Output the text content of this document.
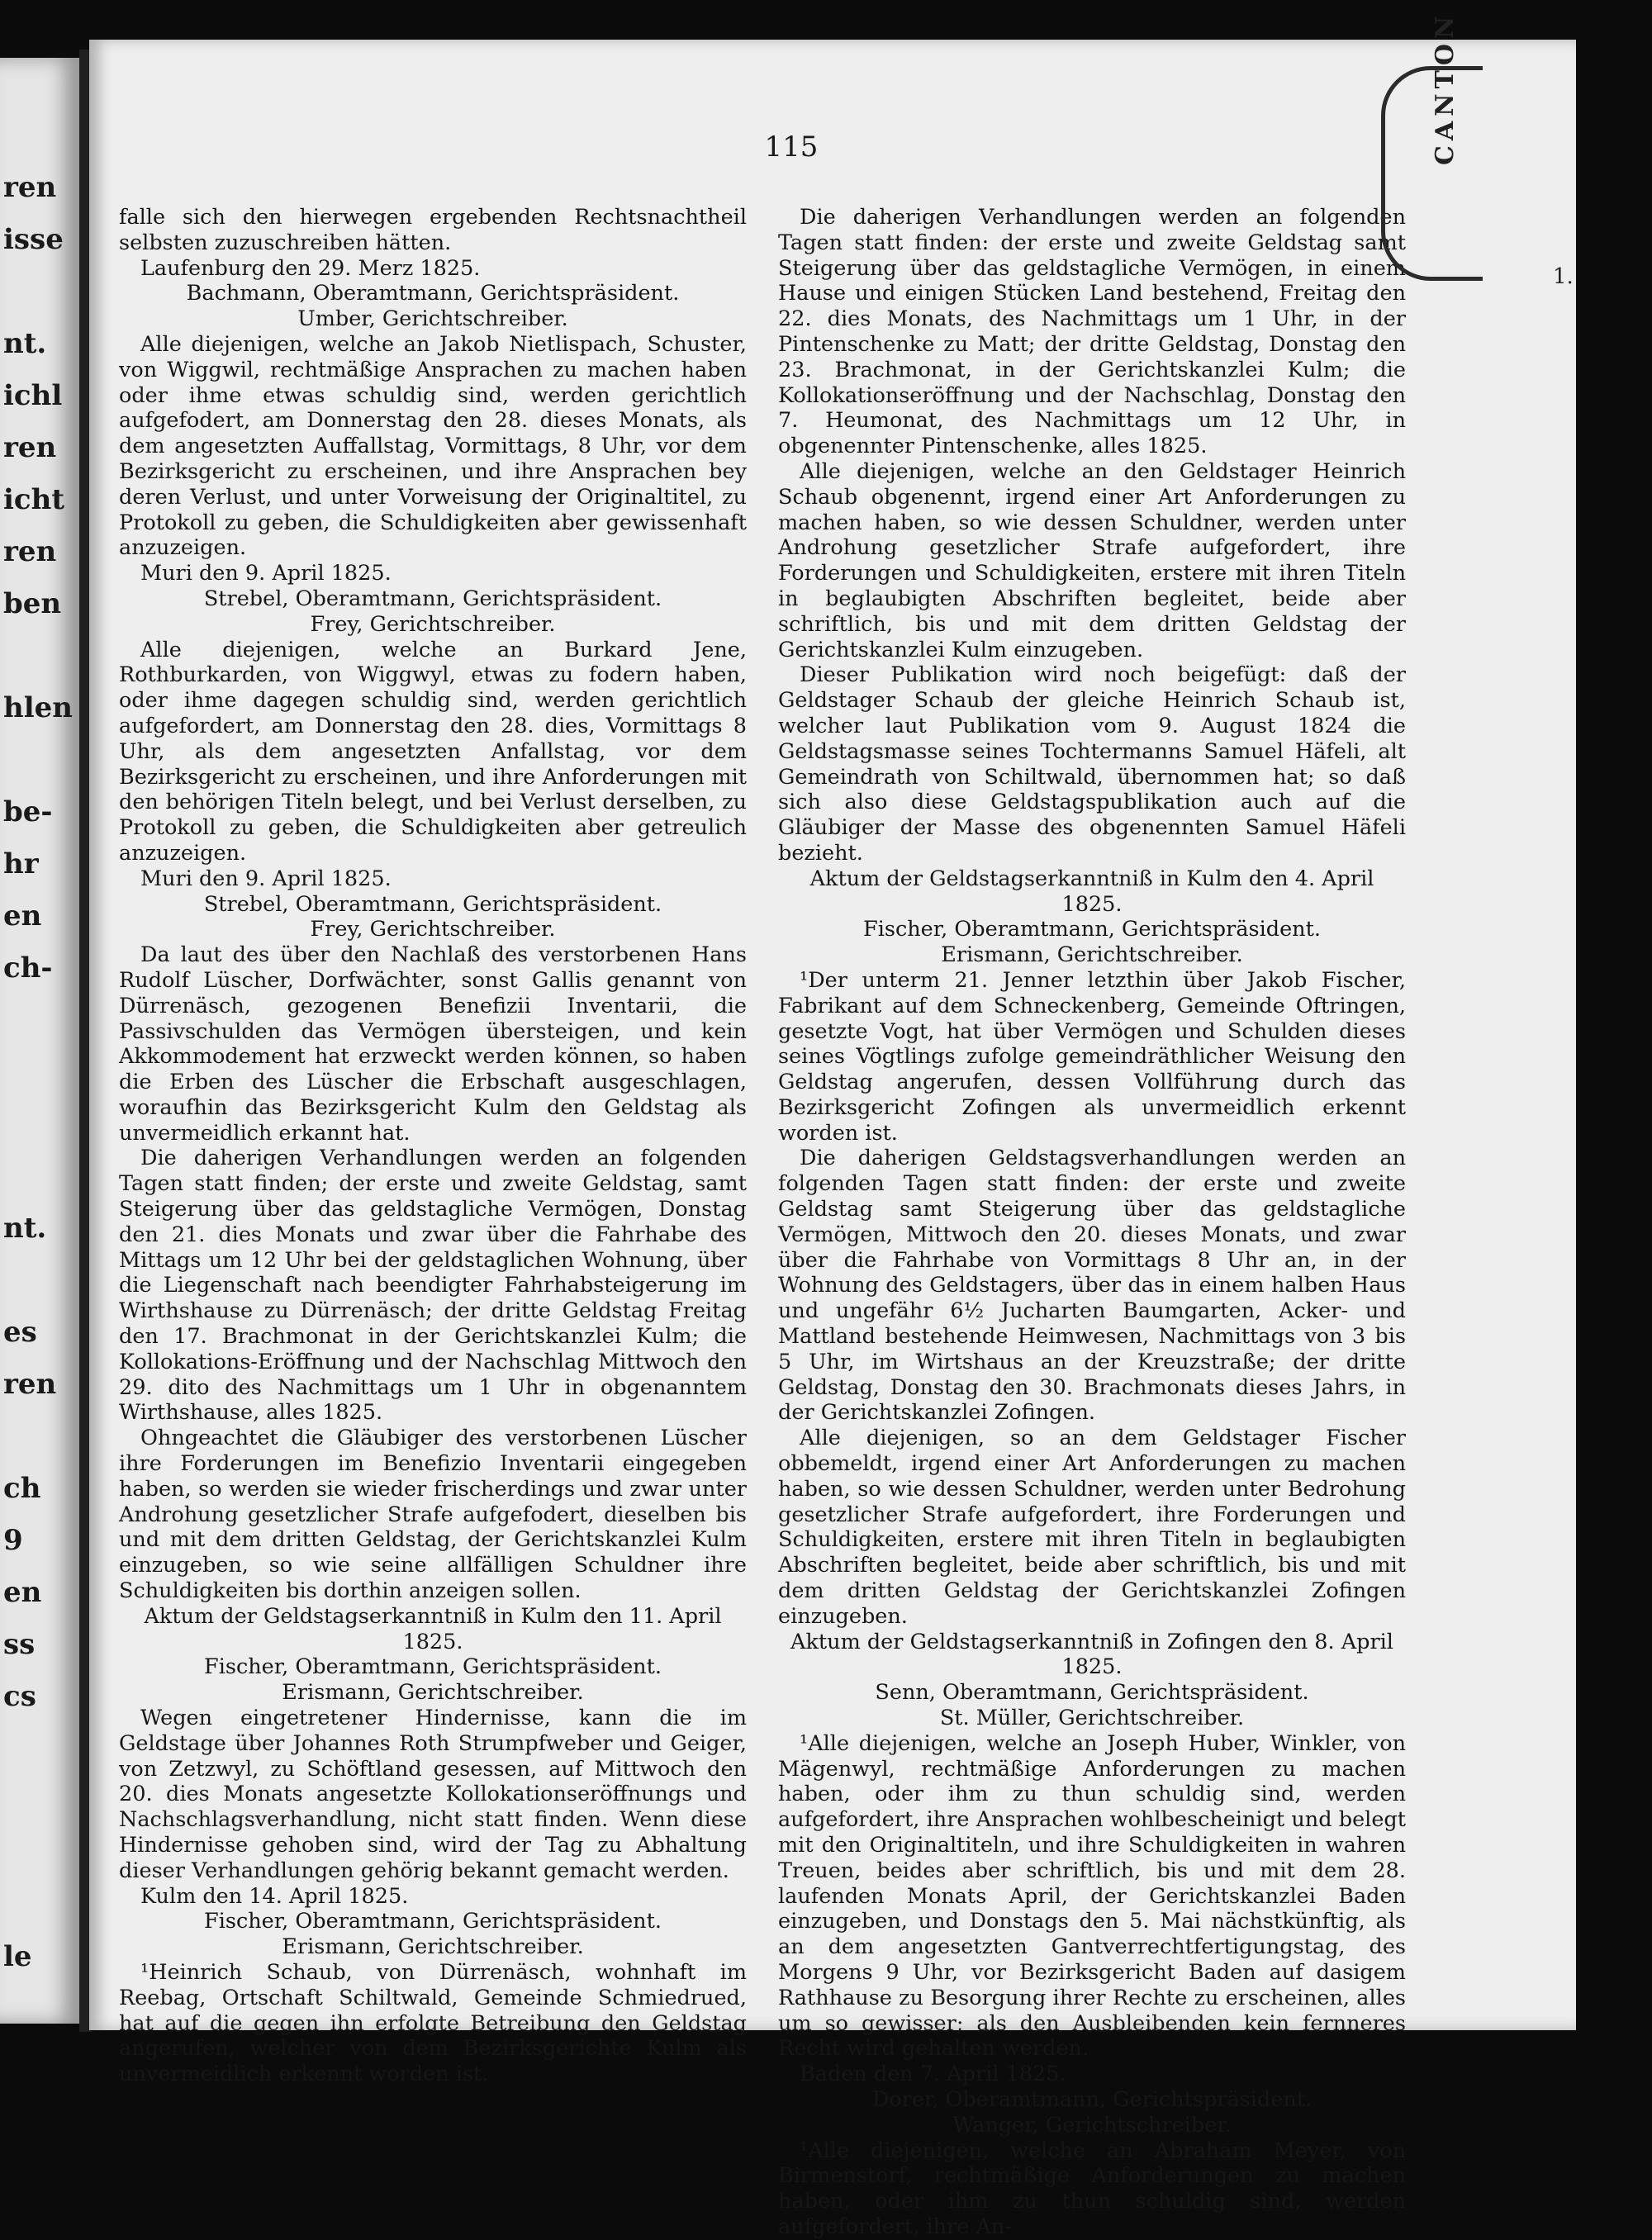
ren
isse
nt.
ichl
ren
icht
ren
ben
hlen
be-
hr
en
ch-
nt.
es
ren
ch
9
en
ss
cs
le
115

falle sich den hierwegen ergebenden Rechtsnachtheil selbsten zuzuschreiben hätten.

Laufenburg den 29. Merz 1825.

Bachmann, Oberamtmann, Gerichtspräsident.

Umber, Gerichtschreiber.

Alle diejenigen, welche an Jakob Nietlispach, Schuster, von Wiggwil, rechtmäßige Ansprachen zu machen haben oder ihme etwas schuldig sind, werden gerichtlich aufgefodert, am Donnerstag den 28. dieses Monats, als dem angesetzten Auffallstag, Vormittags, 8 Uhr, vor dem Bezirksgericht zu erscheinen, und ihre Ansprachen bey deren Verlust, und unter Vorweisung der Originaltitel, zu Protokoll zu geben, die Schuldigkeiten aber gewissenhaft anzuzeigen.

Muri den 9. April 1825.

Strebel, Oberamtmann, Gerichtspräsident.

Frey, Gerichtschreiber.

Alle diejenigen, welche an Burkard Jene, Rothburkarden, von Wiggwyl, etwas zu fodern haben, oder ihme dagegen schuldig sind, werden gerichtlich aufgefordert, am Donnerstag den 28. dies, Vormittags 8 Uhr, als dem angesetzten Anfallstag, vor dem Bezirksgericht zu erscheinen, und ihre Anforderungen mit den behörigen Titeln belegt, und bei Verlust derselben, zu Protokoll zu geben, die Schuldigkeiten aber getreulich anzuzeigen.

Muri den 9. April 1825.

Strebel, Oberamtmann, Gerichtspräsident.

Frey, Gerichtschreiber.

Da laut des über den Nachlaß des verstorbenen Hans Rudolf Lüscher, Dorfwächter, sonst Gallis genannt von Dürrenäsch, gezogenen Benefizii Inventarii, die Passivschulden das Vermögen übersteigen, und kein Akkommodement hat erzweckt werden können, so haben die Erben des Lüscher die Erbschaft ausgeschlagen, woraufhin das Bezirksgericht Kulm den Geldstag als unvermeidlich erkannt hat.

Die daherigen Verhandlungen werden an folgenden Tagen statt finden; der erste und zweite Geldstag, samt Steigerung über das geldstagliche Vermögen, Donstag den 21. dies Monats und zwar über die Fahrhabe des Mittags um 12 Uhr bei der geldstaglichen Wohnung, über die Liegenschaft nach beendigter Fahrhabsteigerung im Wirthshause zu Dürrenäsch; der dritte Geldstag Freitag den 17. Brachmonat in der Gerichtskanzlei Kulm; die Kollokations-Eröffnung und der Nachschlag Mittwoch den 29. dito des Nachmittags um 1 Uhr in obgenanntem Wirthshause, alles 1825.

Ohngeachtet die Gläubiger des verstorbenen Lüscher ihre Forderungen im Benefizio Inventarii eingegeben haben, so werden sie wieder frischerdings und zwar unter Androhung gesetzlicher Strafe aufgefodert, dieselben bis und mit dem dritten Geldstag, der Gerichtskanzlei Kulm einzugeben, so wie seine allfälligen Schuldner ihre Schuldigkeiten bis dorthin anzeigen sollen.

Aktum der Geldstagserkanntniß in Kulm den 11. April 1825.

Fischer, Oberamtmann, Gerichtspräsident.

Erismann, Gerichtschreiber.

Wegen eingetretener Hindernisse, kann die im Geldstage über Johannes Roth Strumpfweber und Geiger, von Zetzwyl, zu Schöftland gesessen, auf Mittwoch den 20. dies Monats angesetzte Kollokationseröffnungs und Nachschlagsverhandlung, nicht statt finden. Wenn diese Hindernisse gehoben sind, wird der Tag zu Abhaltung dieser Verhandlungen gehörig bekannt gemacht werden.

Kulm den 14. April 1825.

Fischer, Oberamtmann, Gerichtspräsident.

Erismann, Gerichtschreiber.

¹Heinrich Schaub, von Dürrenäsch, wohnhaft im Reebag, Ortschaft Schiltwald, Gemeinde Schmiedrued, hat auf die gegen ihn erfolgte Betreibung den Geldstag angerufen, welcher von dem Bezirksgerichte Kulm als unvermeidlich erkennt worden ist.

Die daherigen Verhandlungen werden an folgenden Tagen statt finden: der erste und zweite Geldstag samt Steigerung über das geldstagliche Vermögen, in einem Hause und einigen Stücken Land bestehend, Freitag den 22. dies Monats, des Nachmittags um 1 Uhr, in der Pintenschenke zu Matt; der dritte Geldstag, Donstag den 23. Brachmonat, in der Gerichtskanzlei Kulm; die Kollokationseröffnung und der Nachschlag, Donstag den 7. Heumonat, des Nachmittags um 12 Uhr, in obgenennter Pintenschenke, alles 1825.

Alle diejenigen, welche an den Geldstager Heinrich Schaub obgenennt, irgend einer Art Anforderungen zu machen haben, so wie dessen Schuldner, werden unter Androhung gesetzlicher Strafe aufgefordert, ihre Forderungen und Schuldigkeiten, erstere mit ihren Titeln in beglaubigten Abschriften begleitet, beide aber schriftlich, bis und mit dem dritten Geldstag der Gerichtskanzlei Kulm einzugeben.

Dieser Publikation wird noch beigefügt: daß der Geldstager Schaub der gleiche Heinrich Schaub ist, welcher laut Publikation vom 9. August 1824 die Geldstagsmasse seines Tochtermanns Samuel Häfeli, alt Gemeindrath von Schiltwald, übernommen hat; so daß sich also diese Geldstagspublikation auch auf die Gläubiger der Masse des obgenennten Samuel Häfeli bezieht.

Aktum der Geldstagserkanntniß in Kulm den 4. April 1825.

Fischer, Oberamtmann, Gerichtspräsident.

Erismann, Gerichtschreiber.

¹Der unterm 21. Jenner letzthin über Jakob Fischer, Fabrikant auf dem Schneckenberg, Gemeinde Oftringen, gesetzte Vogt, hat über Vermögen und Schulden dieses seines Vögtlings zufolge gemeindräthlicher Weisung den Geldstag angerufen, dessen Vollführung durch das Bezirksgericht Zofingen als unvermeidlich erkennt worden ist.

Die daherigen Geldstagsverhandlungen werden an folgenden Tagen statt finden: der erste und zweite Geldstag samt Steigerung über das geldstagliche Vermögen, Mittwoch den 20. dieses Monats, und zwar über die Fahrhabe von Vormittags 8 Uhr an, in der Wohnung des Geldstagers, über das in einem halben Haus und ungefähr 6½ Jucharten Baumgarten, Acker- und Mattland bestehende Heimwesen, Nachmittags von 3 bis 5 Uhr, im Wirtshaus an der Kreuzstraße; der dritte Geldstag, Donstag den 30. Brachmonats dieses Jahrs, in der Gerichtskanzlei Zofingen.

Alle diejenigen, so an dem Geldstager Fischer obbemeldt, irgend einer Art Anforderungen zu machen haben, so wie dessen Schuldner, werden unter Bedrohung gesetzlicher Strafe aufgefordert, ihre Forderungen und Schuldigkeiten, erstere mit ihren Titeln in beglaubigten Abschriften begleitet, beide aber schriftlich, bis und mit dem dritten Geldstag der Gerichtskanzlei Zofingen einzugeben.

Aktum der Geldstagserkanntniß in Zofingen den 8. April 1825.

Senn, Oberamtmann, Gerichtspräsident.

St. Müller, Gerichtschreiber.

¹Alle diejenigen, welche an Joseph Huber, Winkler, von Mägenwyl, rechtmäßige Anforderungen zu machen haben, oder ihm zu thun schuldig sind, werden aufgefordert, ihre Ansprachen wohlbescheinigt und belegt mit den Originaltiteln, und ihre Schuldigkeiten in wahren Treuen, beides aber schriftlich, bis und mit dem 28. laufenden Monats April, der Gerichtskanzlei Baden einzugeben, und Donstags den 5. Mai nächstkünftig, als an dem angesetzten Gantverrechtfertigungstag, des Morgens 9 Uhr, vor Bezirksgericht Baden auf dasigem Rathhause zu Besorgung ihrer Rechte zu erscheinen, alles um so gewisser; als den Ausbleibenden kein fernneres Recht wird gehalten werden.

Baden den 7. April 1825.

Dorer, Oberamtmann, Gerichtspräsident.

Wanger, Gerichtschreiber.

¹Alle diejenigen, welche an Abraham Meyer, von Birmenstorf, rechtmäßige Anforderungen zu machen haben, oder ihm zu thun schuldig sind, werden aufgefordert, ihre An-

CANTON
1.
